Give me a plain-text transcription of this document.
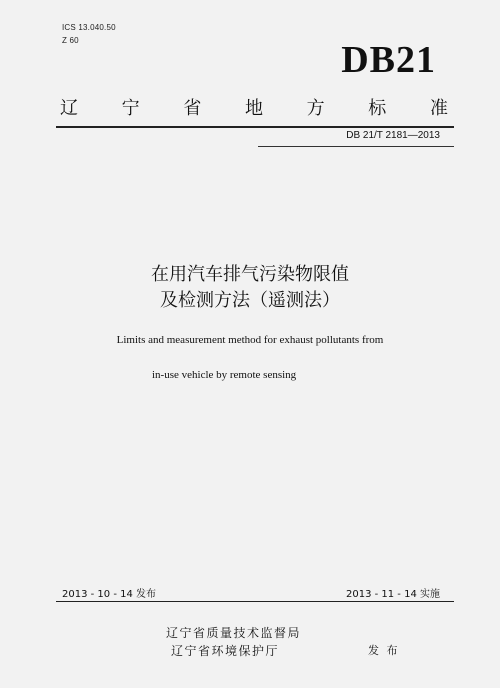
ICS 13.040.50
Z 60	DB21
辽 宁 省 地 方 标 准
DB 21/T 2181—2013
在用汽车排气污染物限值
及检测方法（遥测法）
Limits and measurement method for exhaust pollutants from
in-use vehicle by remote sensing
2013 - 10 - 14 发布	2013 - 11 - 14 实施
辽宁省质量技术监督局
辽宁省环境保护厅	发 布
